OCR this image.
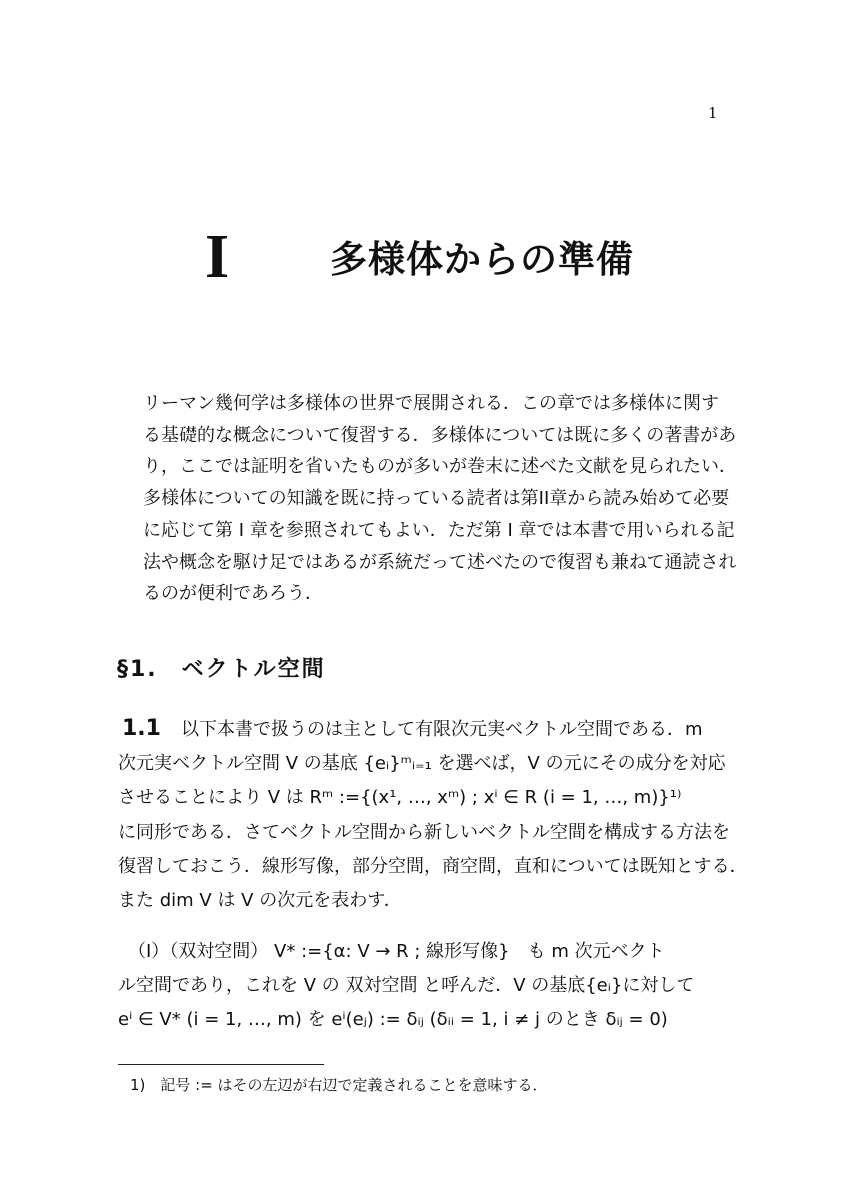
1
I	多様体からの準備
リーマン幾何学は多様体の世界で展開される．この章では多様体に関す
る基礎的な概念について復習する．多様体については既に多くの著書があ
り，ここでは証明を省いたものが多いが巻末に述べた文献を見られたい．
多様体についての知識を既に持っている読者は第II章から読み始めて必要
に応じて第 I 章を参照されてもよい．ただ第 I 章では本書で用いられる記
法や概念を駆け足ではあるが系統だって述べたので復習も兼ねて通読され
るのが便利であろう．
§1.　ベクトル空間
1.1 以下本書で扱うのは主として有限次元実ベクトル空間である．m
次元実ベクトル空間 V の基底 {eᵢ}ᵐᵢ₌₁ を選べば，V の元にその成分を対応
させることにより V は Rᵐ :={(x¹, …, xᵐ) ; xⁱ ∈ R (i = 1, …, m)}¹⁾
に同形である．さてベクトル空間から新しいベクトル空間を構成する方法を
復習しておこう．線形写像，部分空間，商空間，直和については既知とする．
また dim V は V の次元を表わす．
（I）（双対空間） V* :={α: V → R ; 線形写像}　も m 次元ベクト
ル空間であり，これを V の 双対空間 と呼んだ．V の基底{eᵢ}に対して
eⁱ ∈ V* (i = 1, …, m) を eⁱ(eⱼ) := δᵢⱼ (δᵢᵢ = 1, i ≠ j のとき δᵢⱼ = 0)
1)　記号 := はその左辺が右辺で定義されることを意味する．
